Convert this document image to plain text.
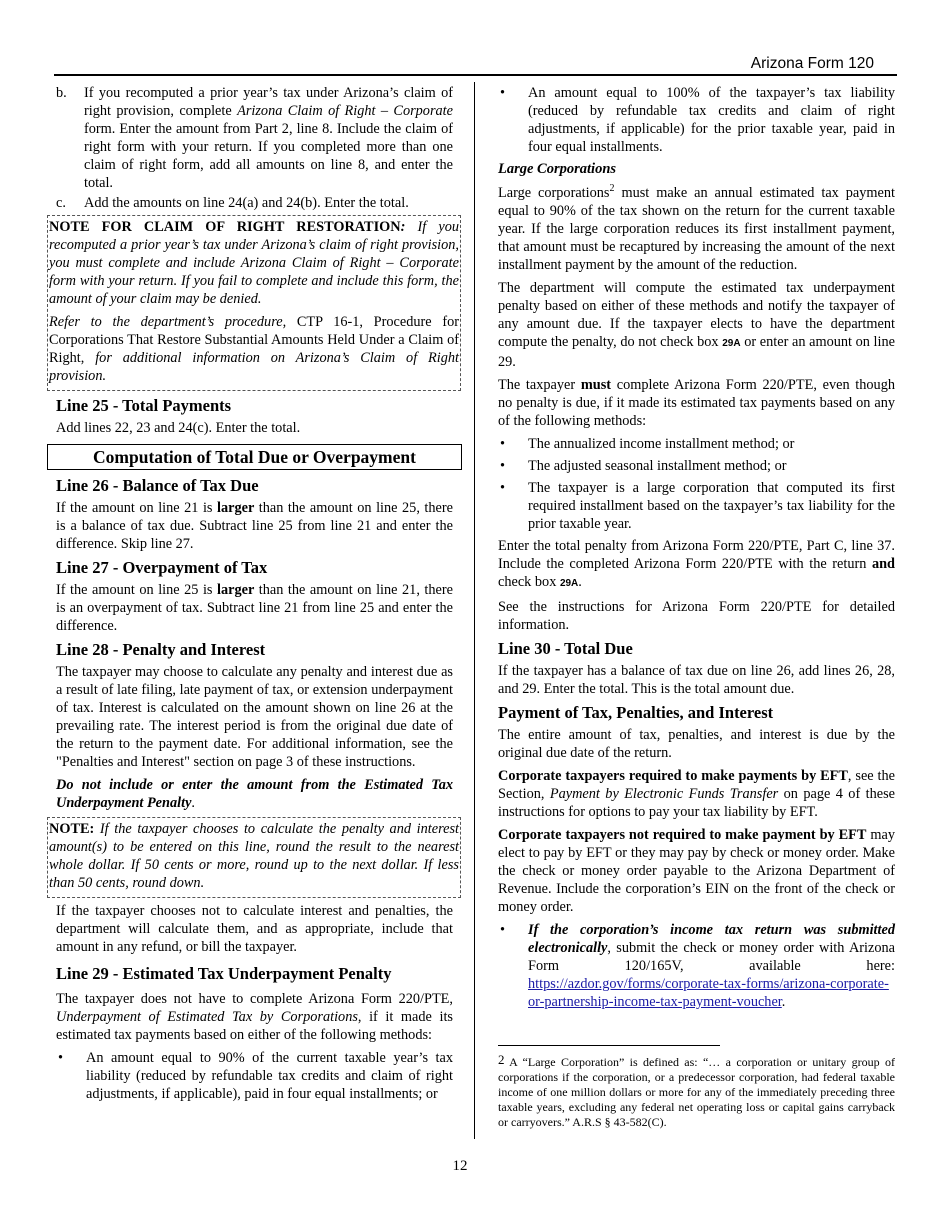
Arizona Form 120
b.	If you recomputed a prior year’s tax under Arizona’s claim of right provision, complete Arizona Claim of Right – Corporate form. Enter the amount from Part 2, line 8. Include the claim of right form with your return. If you completed more than one claim of right form, add all amounts on line 8, and enter the total.
c.	Add the amounts on line 24(a) and 24(b). Enter the total.

NOTE FOR CLAIM OF RIGHT RESTORATION: If you recomputed a prior year’s tax under Arizona’s claim of right provision, you must complete and include Arizona Claim of Right – Corporate form with your return. If you fail to complete and include this form, the amount of your claim may be denied.

Refer to the department’s procedure, CTP 16-1, Procedure for Corporations That Restore Substantial Amounts Held Under a Claim of Right, for additional information on Arizona’s Claim of Right provision.

Line 25 - Total Payments

Add lines 22, 23 and 24(c). Enter the total.

Computation of Total Due or Overpayment
Line 26 - Balance of Tax Due

If the amount on line 21 is larger than the amount on line 25, there is a balance of tax due. Subtract line 25 from line 21 and enter the difference. Skip line 27.

Line 27 - Overpayment of Tax

If the amount on line 25 is larger than the amount on line 21, there is an overpayment of tax. Subtract line 21 from line 25 and enter the difference.

Line 28 - Penalty and Interest

The taxpayer may choose to calculate any penalty and interest due as a result of late filing, late payment of tax, or extension underpayment of tax. Interest is calculated on the amount shown on line 26 at the prevailing rate. The interest period is from the original due date of the return to the payment date. For additional information, see the "Penalties and Interest" section on page 3 of these instructions.

Do not include or enter the amount from the Estimated Tax Underpayment Penalty.

NOTE: If the taxpayer chooses to calculate the penalty and interest amount(s) to be entered on this line, round the result to the nearest whole dollar. If 50 cents or more, round up to the next dollar. If less than 50 cents, round down.

If the taxpayer chooses not to calculate interest and penalties, the department will calculate them, and as appropriate, include that amount in any refund, or bill the taxpayer.

Line 29 - Estimated Tax Underpayment Penalty

The taxpayer does not have to complete Arizona Form 220/PTE, Underpayment of Estimated Tax by Corporations, if it made its estimated tax payments based on either of the following methods:

•	An amount equal to 90% of the current taxable year’s tax liability (reduced by refundable tax credits and claim of right adjustments, if applicable), paid in four equal installments; or
•	An amount equal to 100% of the taxpayer’s tax liability (reduced by refundable tax credits and claim of right adjustments, if applicable) for the prior taxable year, paid in four equal installments.
Large Corporations

Large corporations$^2$ must make an annual estimated tax payment equal to 90% of the tax shown on the return for the current taxable year. If the large corporation reduces its first installment payment, that amount must be recaptured by increasing the amount of the next installment payment by the amount of the reduction.

The department will compute the estimated tax underpayment penalty based on either of these methods and notify the taxpayer of any amount due. If the taxpayer elects to have the department compute the penalty, do not check box 29A or enter an amount on line 29.

The taxpayer must complete Arizona Form 220/PTE, even though no penalty is due, if it made its estimated tax payments based on any of the following methods:

•	The annualized income installment method; or
•	The adjusted seasonal installment method; or
•	The taxpayer is a large corporation that computed its first required installment based on the taxpayer’s tax liability for the prior taxable year.

Enter the total penalty from Arizona Form 220/PTE, Part C, line 37. Include the completed Arizona Form 220/PTE with the return and check box 29A.

See the instructions for Arizona Form 220/PTE for detailed information.

Line 30 - Total Due

If the taxpayer has a balance of tax due on line 26, add lines 26, 28, and 29. Enter the total. This is the total amount due.

Payment of Tax, Penalties, and Interest

The entire amount of tax, penalties, and interest is due by the original due date of the return.

Corporate taxpayers required to make payments by EFT, see the Section, Payment by Electronic Funds Transfer on page 4 of these instructions for options to pay your tax liability by EFT.

Corporate taxpayers not required to make payment by EFT may elect to pay by EFT or they may pay by check or money order. Make the check or money order payable to the Arizona Department of Revenue. Include the corporation’s EIN on the front of the check or money order.

•	If the corporation’s income tax return was submitted electronically, submit the check or money order with Arizona Form 120/165V, available here: https://azdor.gov/forms/corporate-tax-forms/arizona-corporate-or-partnership-income-tax-payment-voucher.
$^2$ A “Large Corporation” is defined as: “… a corporation or unitary group of corporations if the corporation, or a predecessor corporation, had federal taxable income of one million dollars or more for any of the immediately preceding three taxable years, excluding any federal net operating loss or capital gains carryback or carryovers.” A.R.S § 43-582(C).
12
